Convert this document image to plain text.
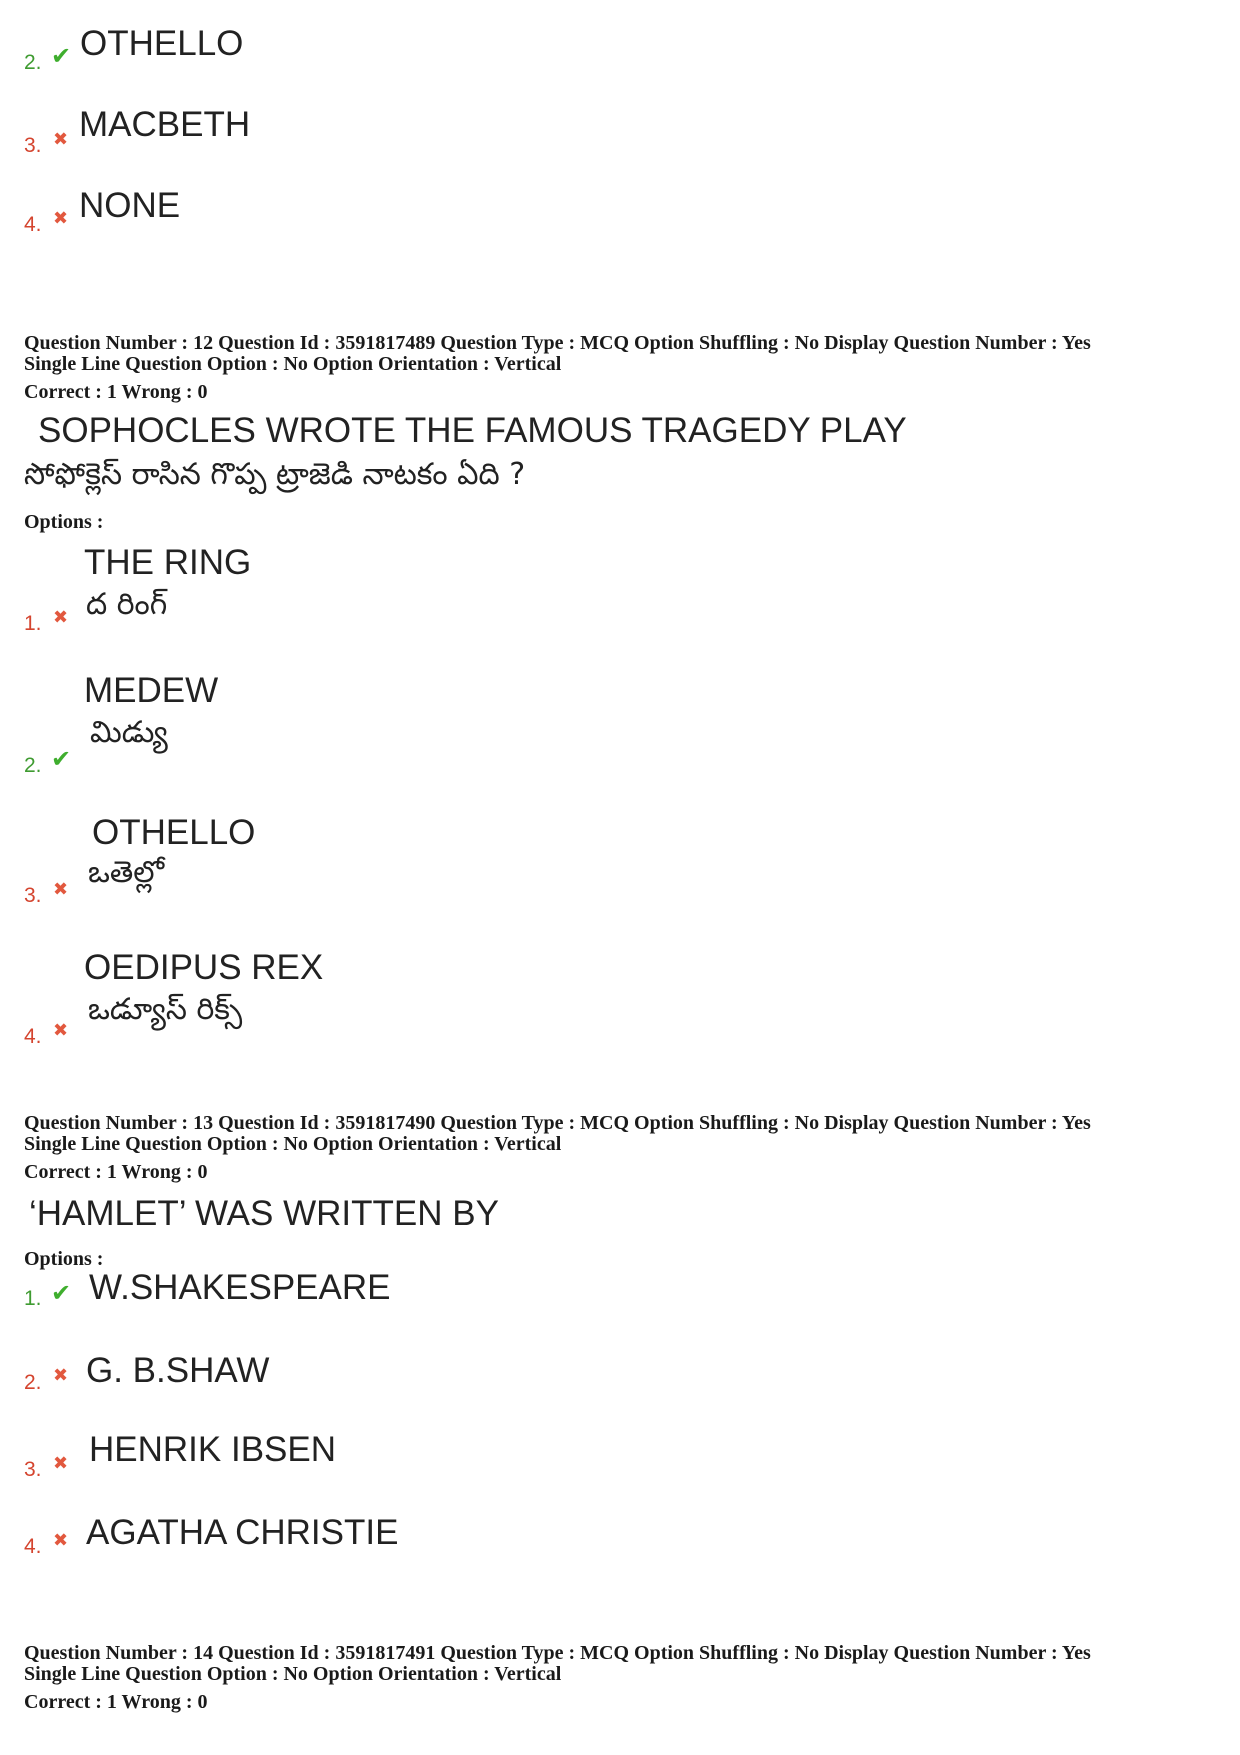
2. ✔ OTHELLO
3. ✖ MACBETH
4. ✖ NONE
Question Number : 12 Question Id : 3591817489 Question Type : MCQ Option Shuffling : No Display Question Number : Yes
Single Line Question Option : No Option Orientation : Vertical
Correct : 1 Wrong : 0
SOPHOCLES WROTE THE FAMOUS TRAGEDY PLAY
సోఫోక్లెస్ రాసిన గొప్ప ట్రాజెడి నాటకం ఏది ?
Options :
THE RING
ద రింగ్
1. ✖
MEDEW
మిడ్యు
2. ✔
OTHELLO
ఒతెల్లో
3. ✖
OEDIPUS REX
ఒడ్యూస్ రిక్స్
4. ✖
Question Number : 13 Question Id : 3591817490 Question Type : MCQ Option Shuffling : No Display Question Number : Yes
Single Line Question Option : No Option Orientation : Vertical
Correct : 1 Wrong : 0
‘HAMLET’ WAS WRITTEN BY
Options :
1. ✔ W.SHAKESPEARE
2. ✖ G. B.SHAW
3. ✖ HENRIK IBSEN
4. ✖ AGATHA CHRISTIE
Question Number : 14 Question Id : 3591817491 Question Type : MCQ Option Shuffling : No Display Question Number : Yes
Single Line Question Option : No Option Orientation : Vertical
Correct : 1 Wrong : 0
